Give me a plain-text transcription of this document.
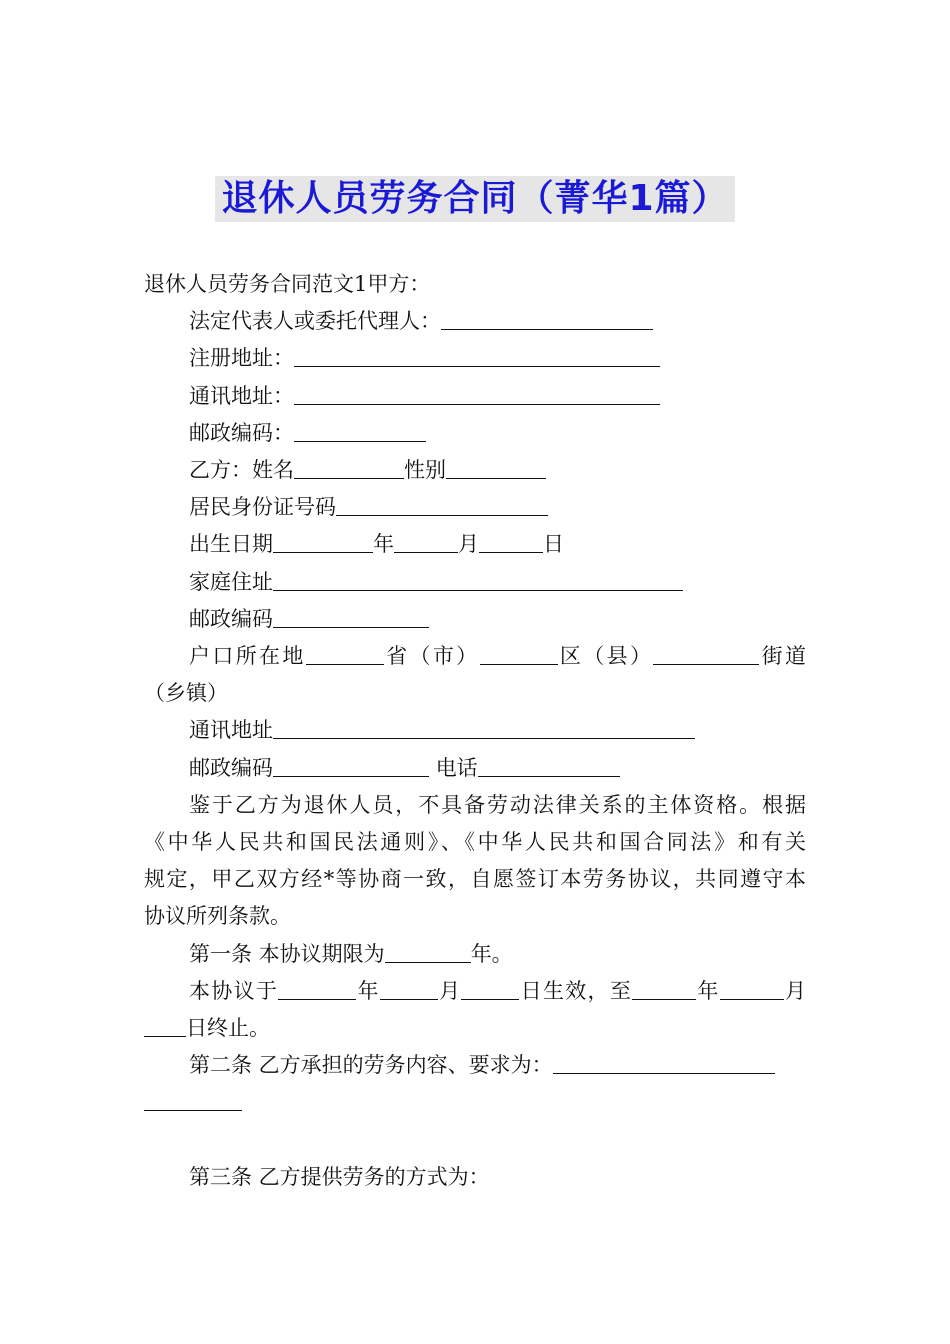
退休人员劳务合同（菁华1篇）

退休人员劳务合同范文1甲方：

法定代表人或委托代理人：

注册地址：

通讯地址：

邮政编码：

乙方：姓名	性别

居民身份证号码

出生日期	年	月	日

家庭住址

邮政编码

户口所在地	省（市）	区（县）	街道

（乡镇）

通讯地址

邮政编码	电话

鉴于乙方为退休人员，不具备劳动法律关系的主体资格。根据

《中华人民共和国民法通则》、《中华人民共和国合同法》和有关

规定，甲乙双方经*等协商一致，自愿签订本劳务协议，共同遵守本

协议所列条款。

第一条 本协议期限为	年。

本协议于	年	月	日生效，至	年	月

日终止。

第二条 乙方承担的劳务内容、要求为：

第三条 乙方提供劳务的方式为：
